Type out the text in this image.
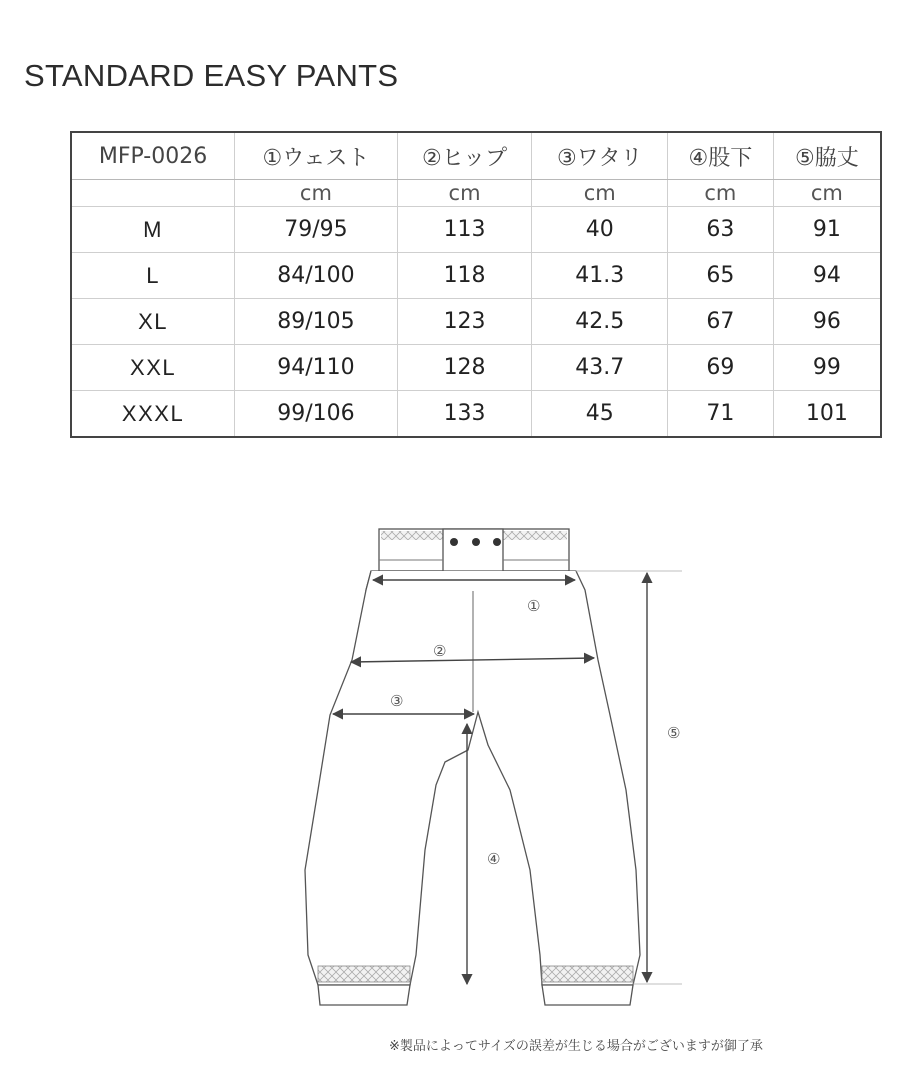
STANDARD EASY PANTS
MFP-0026	①ウェスト	②ヒップ	③ワタリ	④股下	⑤脇丈
	cm	cm	cm	cm	cm
M	79/95	113	40	63	91
L	84/100	118	41.3	65	94
XL	89/105	123	42.5	67	96
XXL	94/110	128	43.7	69	99
XXXL	99/106	133	45	71	101
①
②
③
④
⑤
※製品によってサイズの誤差が生じる場合がございますが御了承
